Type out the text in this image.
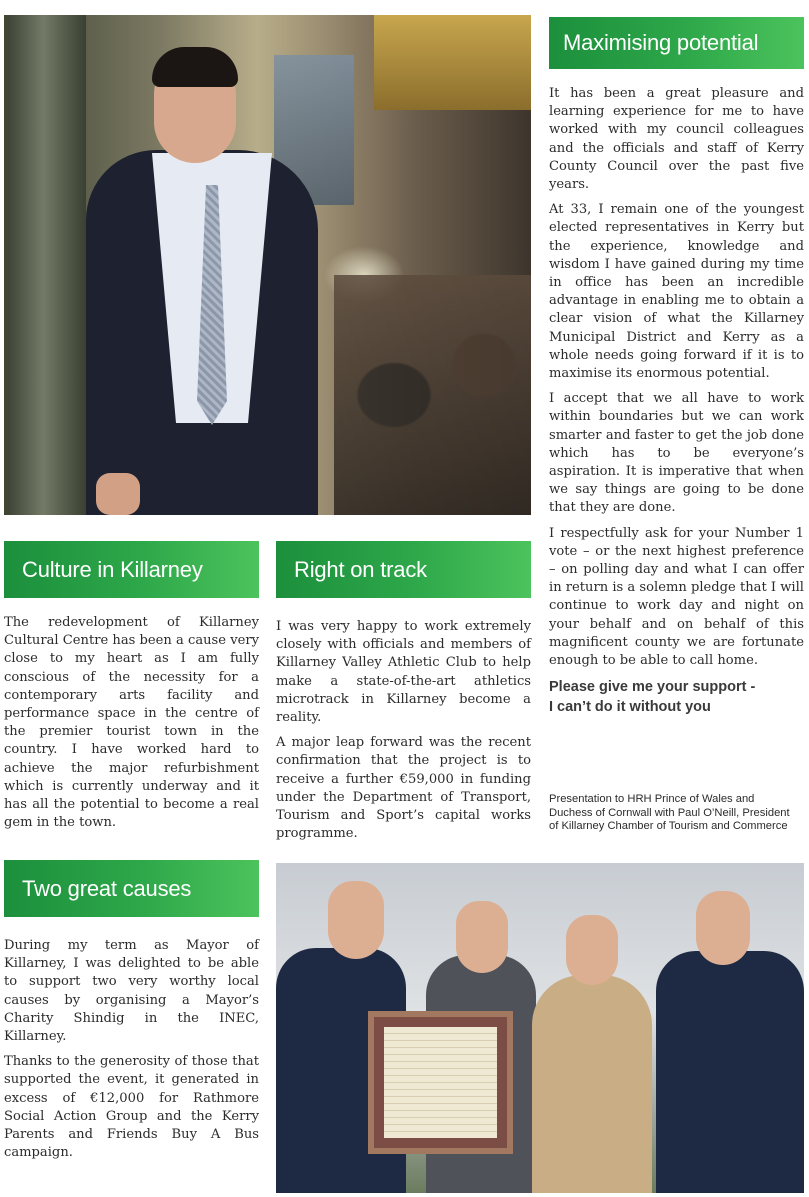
Maximising potential

It has been a great pleasure and learning experience for me to have worked with my council colleagues and the officials and staff of Kerry County Council over the past five years.

At 33, I remain one of the youngest elected representatives in Kerry but the experience, knowledge and wisdom I have gained during my time in office has been an incredible advantage in enabling me to obtain a clear vision of what the Killarney Municipal District and Kerry as a whole needs going forward if it is to maximise its enormous potential.

I accept that we all have to work within boundaries but we can work smarter and faster to get the job done which has to be everyone’s aspiration. It is imperative that when we say things are going to be done that they are done.

I respectfully ask for your Number 1 vote – or the next highest preference – on polling day and what I can offer in return is a solemn pledge that I will continue to work day and night on your behalf and on behalf of this magnificent county we are fortunate enough to be able to call home.

Please give me your support -
I can’t do it without you
Culture in Killarney

The redevelopment of Killarney Cultural Centre has been a cause very close to my heart as I am fully conscious of the necessity for a contemporary arts facility and performance space in the centre of the premier tourist town in the country. I have worked hard to achieve the major refurbishment which is currently underway and it has all the potential to become a real gem in the town.

Right on track

I was very happy to work extremely closely with officials and members of Killarney Valley Athletic Club to help make a state-of-the-art athletics microtrack in Killarney become a reality.

A major leap forward was the recent confirmation that the project is to receive a further €59,000 in funding under the Department of Transport, Tourism and Sport’s capital works programme.

Two great causes

During my term as Mayor of Killarney, I was delighted to be able to support two very worthy local causes by organising a Mayor’s Charity Shindig in the INEC, Killarney.

Thanks to the generosity of those that supported the event, it generated in excess of €12,000 for Rathmore Social Action Group and the Kerry Parents and Friends Buy A Bus campaign.

Presentation to HRH Prince of Wales and Duchess of Cornwall with Paul O’Neill, President of Killarney Chamber of Tourism and Commerce
